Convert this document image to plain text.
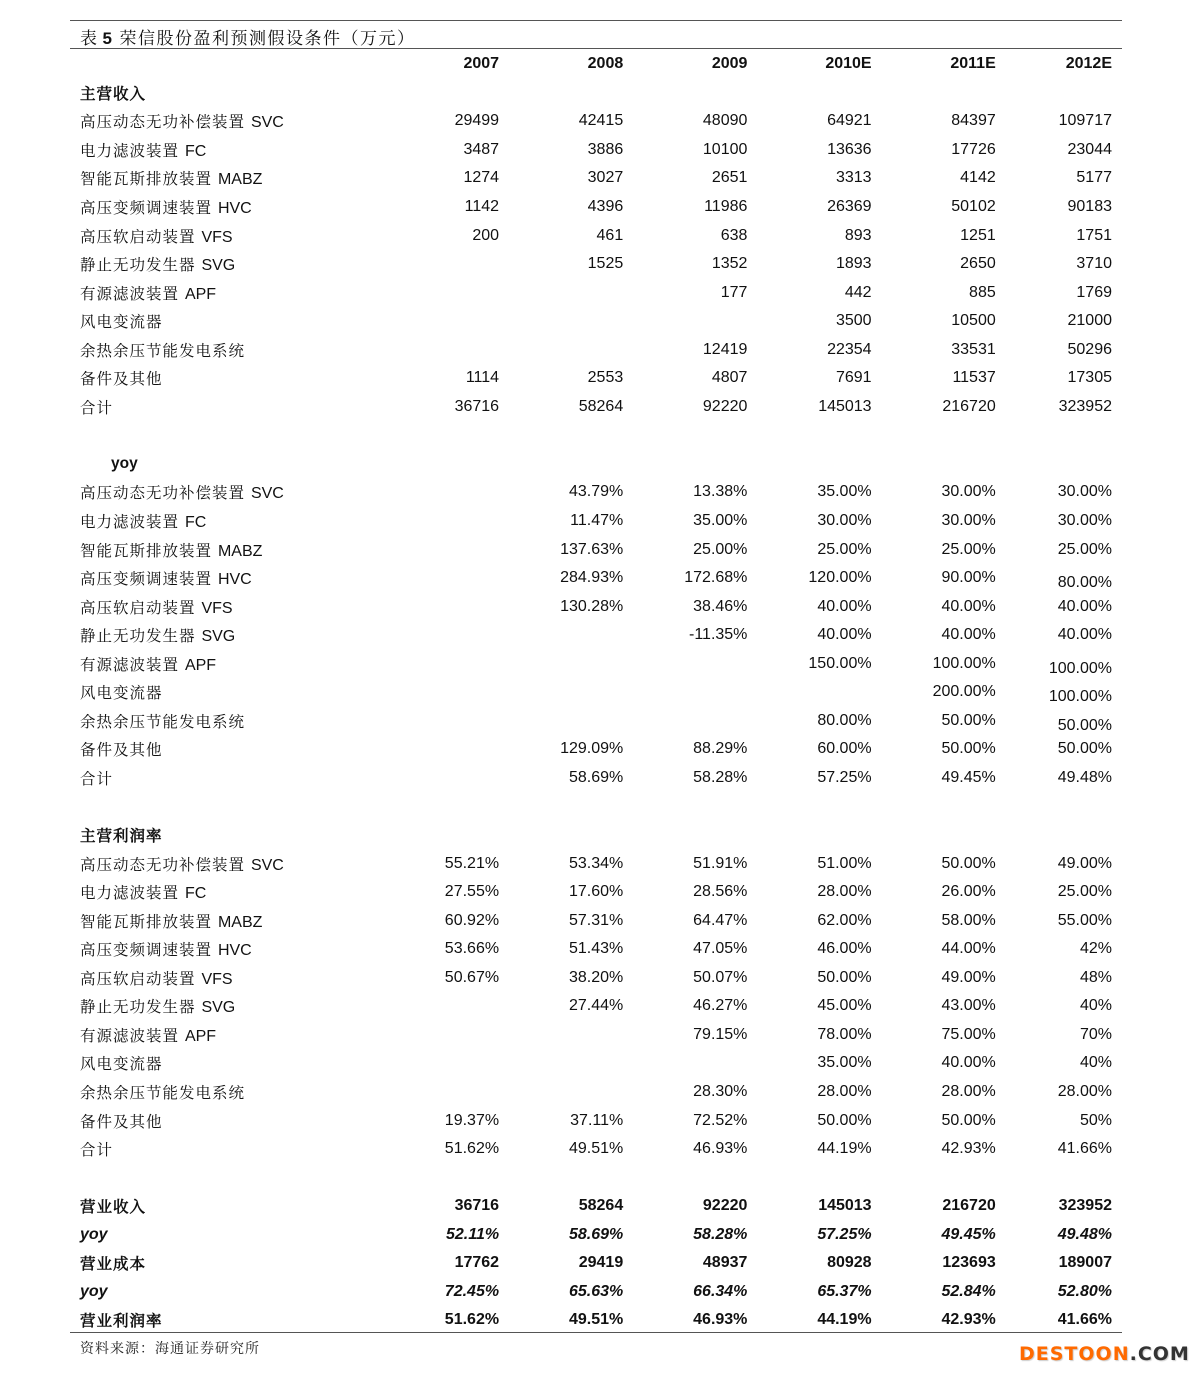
表 5 荣信股份盈利预测假设条件（万元）
	2007	2008	2009	2010E	2011E	2012E
主营收入						
高压动态无功补偿装置 SVC	29499	42415	48090	64921	84397	109717
电力滤波装置 FC	3487	3886	10100	13636	17726	23044
智能瓦斯排放装置 MABZ	1274	3027	2651	3313	4142	5177
高压变频调速装置 HVC	1142	4396	11986	26369	50102	90183
高压软启动装置 VFS	200	461	638	893	1251	1751
静止无功发生器 SVG		1525	1352	1893	2650	3710
有源滤波装置 APF			177	442	885	1769
风电变流器				3500	10500	21000
余热余压节能发电系统			12419	22354	33531	50296
备件及其他	1114	2553	4807	7691	11537	17305
合计	36716	58264	92220	145013	216720	323952

yoy						
高压动态无功补偿装置 SVC		43.79%	13.38%	35.00%	30.00%	30.00%
电力滤波装置 FC		11.47%	35.00%	30.00%	30.00%	30.00%
智能瓦斯排放装置 MABZ		137.63%	25.00%	25.00%	25.00%	25.00%
高压变频调速装置 HVC		284.93%	172.68%	120.00%	90.00%	80.00%
高压软启动装置 VFS		130.28%	38.46%	40.00%	40.00%	40.00%
静止无功发生器 SVG			-11.35%	40.00%	40.00%	40.00%
有源滤波装置 APF				150.00%	100.00%	100.00%
风电变流器					200.00%	100.00%
余热余压节能发电系统				80.00%	50.00%	50.00%
备件及其他		129.09%	88.29%	60.00%	50.00%	50.00%
合计		58.69%	58.28%	57.25%	49.45%	49.48%

主营利润率						
高压动态无功补偿装置 SVC	55.21%	53.34%	51.91%	51.00%	50.00%	49.00%
电力滤波装置 FC	27.55%	17.60%	28.56%	28.00%	26.00%	25.00%
智能瓦斯排放装置 MABZ	60.92%	57.31%	64.47%	62.00%	58.00%	55.00%
高压变频调速装置 HVC	53.66%	51.43%	47.05%	46.00%	44.00%	42%
高压软启动装置 VFS	50.67%	38.20%	50.07%	50.00%	49.00%	48%
静止无功发生器 SVG		27.44%	46.27%	45.00%	43.00%	40%
有源滤波装置 APF			79.15%	78.00%	75.00%	70%
风电变流器				35.00%	40.00%	40%
余热余压节能发电系统			28.30%	28.00%	28.00%	28.00%
备件及其他	19.37%	37.11%	72.52%	50.00%	50.00%	50%
合计	51.62%	49.51%	46.93%	44.19%	42.93%	41.66%

营业收入	36716	58264	92220	145013	216720	323952
yoy	52.11%	58.69%	58.28%	57.25%	49.45%	49.48%
营业成本	17762	29419	48937	80928	123693	189007
yoy	72.45%	65.63%	66.34%	65.37%	52.84%	52.80%
营业利润率	51.62%	49.51%	46.93%	44.19%	42.93%	41.66%
资料来源：海通证券研究所	DESTOON.COM
